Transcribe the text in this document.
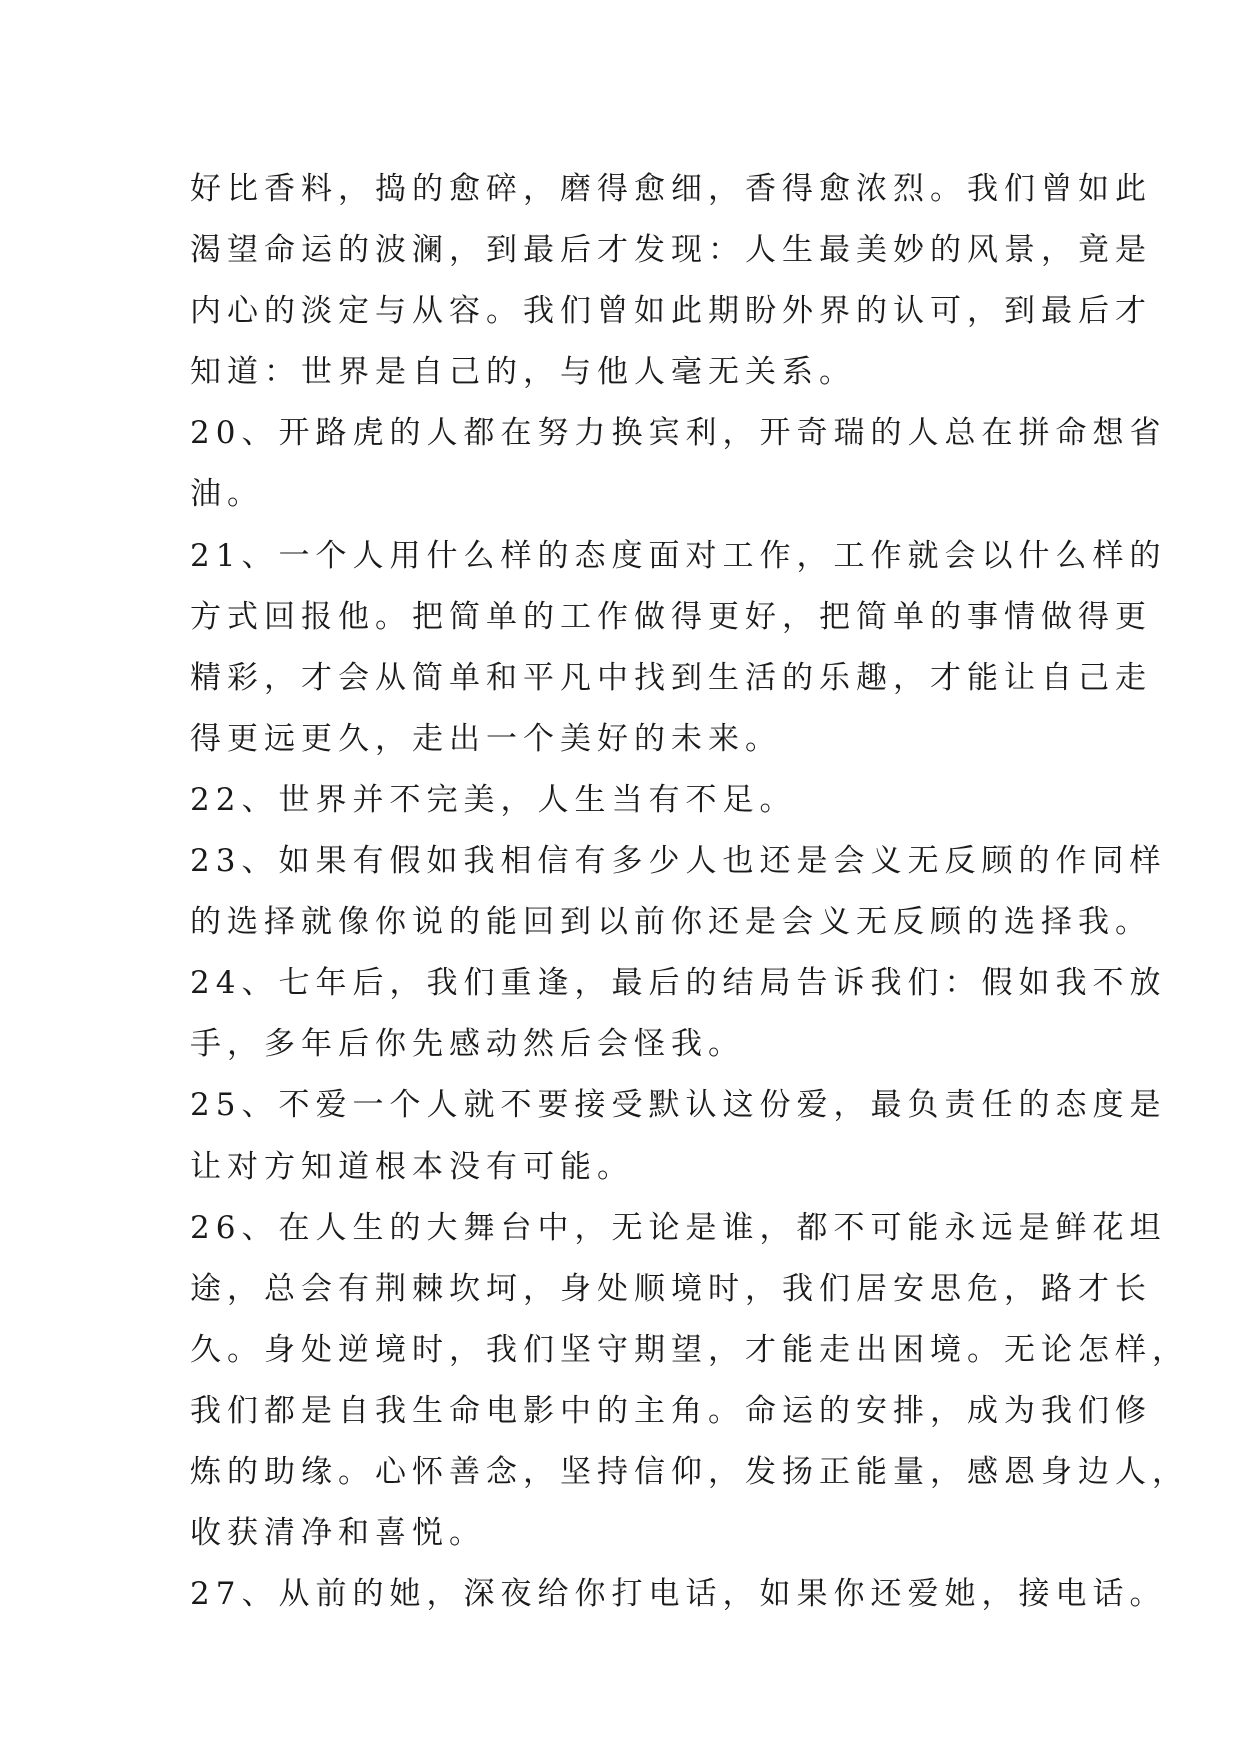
好比香料，捣的愈碎，磨得愈细，香得愈浓烈。我们曾如此
渴望命运的波澜，到最后才发现：人生最美妙的风景，竟是
内心的淡定与从容。我们曾如此期盼外界的认可，到最后才
知道：世界是自己的，与他人毫无关系。
20、开路虎的人都在努力换宾利，开奇瑞的人总在拼命想省
油。
21、一个人用什么样的态度面对工作，工作就会以什么样的
方式回报他。把简单的工作做得更好，把简单的事情做得更
精彩，才会从简单和平凡中找到生活的乐趣，才能让自己走
得更远更久，走出一个美好的未来。
22、世界并不完美，人生当有不足。
23、如果有假如我相信有多少人也还是会义无反顾的作同样
的选择就像你说的能回到以前你还是会义无反顾的选择我。
24、七年后，我们重逢，最后的结局告诉我们：假如我不放
手，多年后你先感动然后会怪我。
25、不爱一个人就不要接受默认这份爱，最负责任的态度是
让对方知道根本没有可能。
26、在人生的大舞台中，无论是谁，都不可能永远是鲜花坦
途，总会有荆棘坎坷，身处顺境时，我们居安思危，路才长
久。身处逆境时，我们坚守期望，才能走出困境。无论怎样，
我们都是自我生命电影中的主角。命运的安排，成为我们修
炼的助缘。心怀善念，坚持信仰，发扬正能量，感恩身边人，
收获清净和喜悦。
27、从前的她，深夜给你打电话，如果你还爱她，接电话。
